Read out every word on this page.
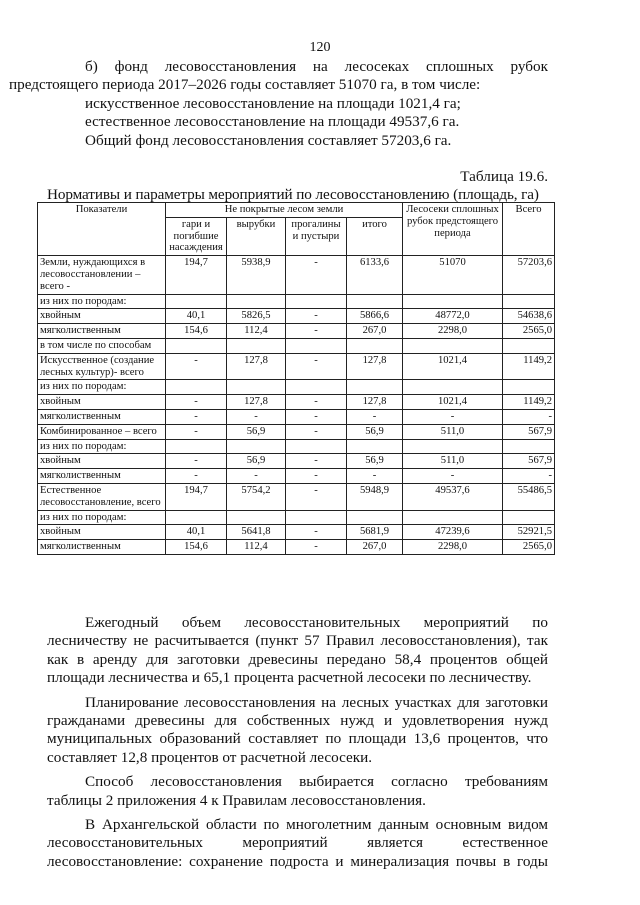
120

б) фонд лесовосстановления на лесосеках сплошных рубок
предстоящего периода 2017–2026 годы составляет 51070 га, в том числе:

искусственное лесовосстановление на площади 1021,4 га;

естественное лесовосстановление на площади 49537,6 га.

Общий фонд лесовосстановления составляет 57203,6 га.

Таблица 19.6.
Нормативы и параметры мероприятий по лесовосстановлению (площадь, га)
Показатели	Не покрытые лесом земли				Лесосеки сплошных рубок предстоящего периода	Всего
	гари и погибшие насаждения	вырубки	прогалины и пустыри	итого		
Земли, нуждающихся в лесовосстановлении – всего -	194,7	5938,9	-	6133,6	51070	57203,6
из них по породам:						
хвойным	40,1	5826,5	-	5866,6	48772,0	54638,6
мягколиственным	154,6	112,4	-	267,0	2298,0	2565,0
в том числе по способам						
Искусственное (создание лесных культур)- всего	-	127,8	-	127,8	1021,4	1149,2
из них по породам:						
хвойным	-	127,8	-	127,8	1021,4	1149,2
мягколиственным	-	-	-	-	-	-
Комбинированное – всего	-	56,9	-	56,9	511,0	567,9
из них по породам:						
хвойным	-	56,9	-	56,9	511,0	567,9
мягколиственным	-	-	-	-	-	-
Естественное лесовосстановление, всего	194,7	5754,2	-	5948,9	49537,6	55486,5
из них по породам:						
хвойным	40,1	5641,8	-	5681,9	47239,6	52921,5
мягколиственным	154,6	112,4	-	267,0	2298,0	2565,0

Ежегодный объем лесовосстановительных мероприятий по лесничеству не расчитывается (пункт 57 Правил лесовосстановления), так как в аренду для заготовки древесины передано 58,4 процентов общей площади лесничества и 65,1 процента расчетной лесосеки по лесничеству.

Планирование лесовосстановления на лесных участках для заготовки гражданами древесины для собственных нужд и удовлетворения нужд муниципальных образований составляет по площади 13,6 процентов, что составляет 12,8 процентов от расчетной лесосеки.

Способ лесовосстановления выбирается согласно требованиям таблицы 2 приложения 4 к Правилам лесовосстановления.

В Архангельской области по многолетним данным основным видом лесовосстановительных мероприятий является естественное лесовосстановление: сохранение подроста и минерализация почвы в годы
